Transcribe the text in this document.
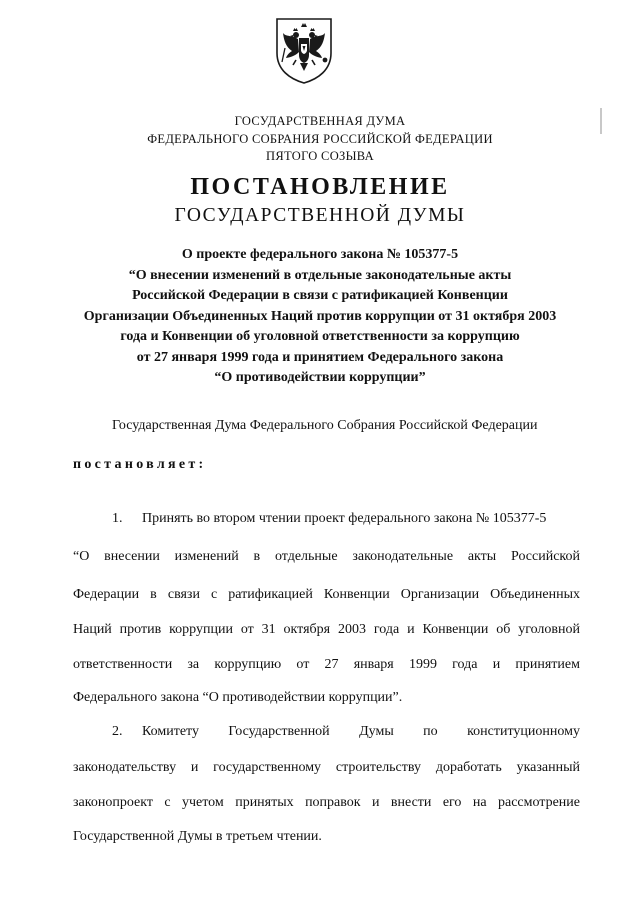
ГОСУДАРСТВЕННАЯ ДУМА
ФЕДЕРАЛЬНОГО СОБРАНИЯ РОССИЙСКОЙ ФЕДЕРАЦИИ
ПЯТОГО СОЗЫВА
ПОСТАНОВЛЕНИЕ
ГОСУДАРСТВЕННОЙ ДУМЫ
О проекте федерального закона № 105377-5
“О внесении изменений в отдельные законодательные акты
Российской Федерации в связи с ратификацией Конвенции
Организации Объединенных Наций против коррупции от 31 октября 2003
года и Конвенции об уголовной ответственности за коррупцию
от 27 января 1999 года и принятием Федерального закона
“О противодействии коррупции”
Государственная Дума Федерального Собрания Российской Федерации
постановляет:
1. Принять во втором чтении проект федерального закона № 105377-5
“О внесении изменений в отдельные законодательные акты Российской
Федерации в связи с ратификацией Конвенции Организации Объединенных
Наций против коррупции от 31 октября 2003 года и Конвенции об уголовной
ответственности за коррупцию от 27 января 1999 года и принятием
Федерального закона “О противодействии коррупции”.
2. Комитету Государственной Думы по конституционному
законодательству и государственному строительству доработать указанный
законопроект с учетом принятых поправок и внести его на рассмотрение
Государственной Думы в третьем чтении.
